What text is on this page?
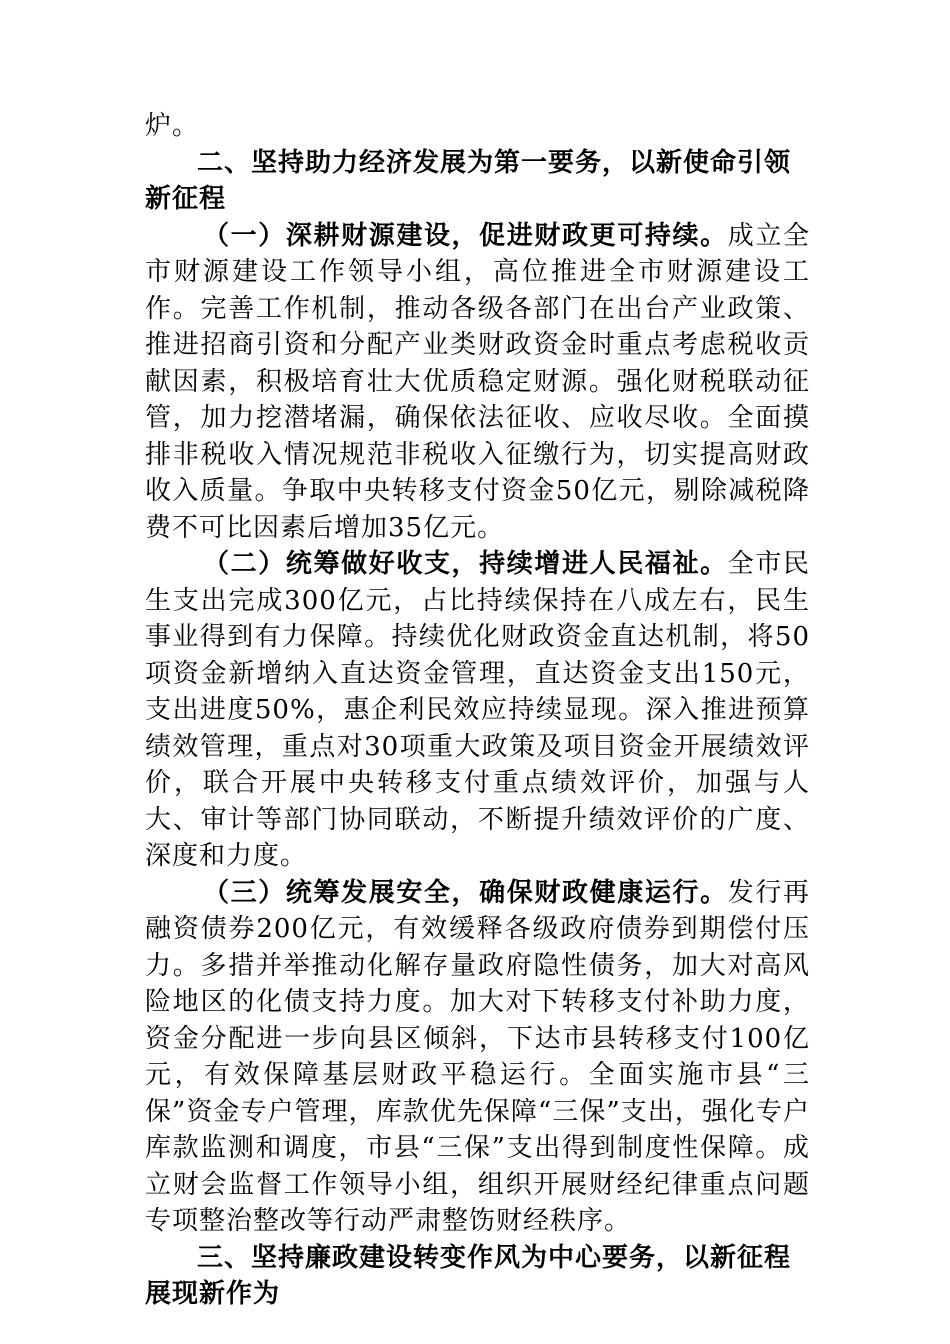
炉。

二、坚持助力经济发展为第一要务，以新使命引领新征程

（一）深耕财源建设，促进财政更可持续。成立全市财源建设工作领导小组，高位推进全市财源建设工作。完善工作机制，推动各级各部门在出台产业政策、推进招商引资和分配产业类财政资金时重点考虑税收贡献因素，积极培育壮大优质稳定财源。强化财税联动征管，加力挖潜堵漏，确保依法征收、应收尽收。全面摸排非税收入情况规范非税收入征缴行为，切实提高财政收入质量。争取中央转移支付资金50亿元，剔除减税降费不可比因素后增加35亿元。

（二）统筹做好收支，持续增进人民福祉。全市民生支出完成300亿元，占比持续保持在八成左右，民生事业得到有力保障。持续优化财政资金直达机制，将50项资金新增纳入直达资金管理，直达资金支出150元，支出进度50%，惠企利民效应持续显现。深入推进预算绩效管理，重点对30项重大政策及项目资金开展绩效评价，联合开展中央转移支付重点绩效评价，加强与人大、审计等部门协同联动，不断提升绩效评价的广度、深度和力度。

（三）统筹发展安全，确保财政健康运行。发行再融资债券200亿元，有效缓释各级政府债券到期偿付压力。多措并举推动化解存量政府隐性债务，加大对高风险地区的化债支持力度。加大对下转移支付补助力度，资金分配进一步向县区倾斜，下达市县转移支付100亿元，有效保障基层财政平稳运行。全面实施市县“三保”资金专户管理，库款优先保障“三保”支出，强化专户库款监测和调度，市县“三保”支出得到制度性保障。成立财会监督工作领导小组，组织开展财经纪律重点问题专项整治整改等行动严肃整饬财经秩序。

三、坚持廉政建设转变作风为中心要务，以新征程展现新作为
